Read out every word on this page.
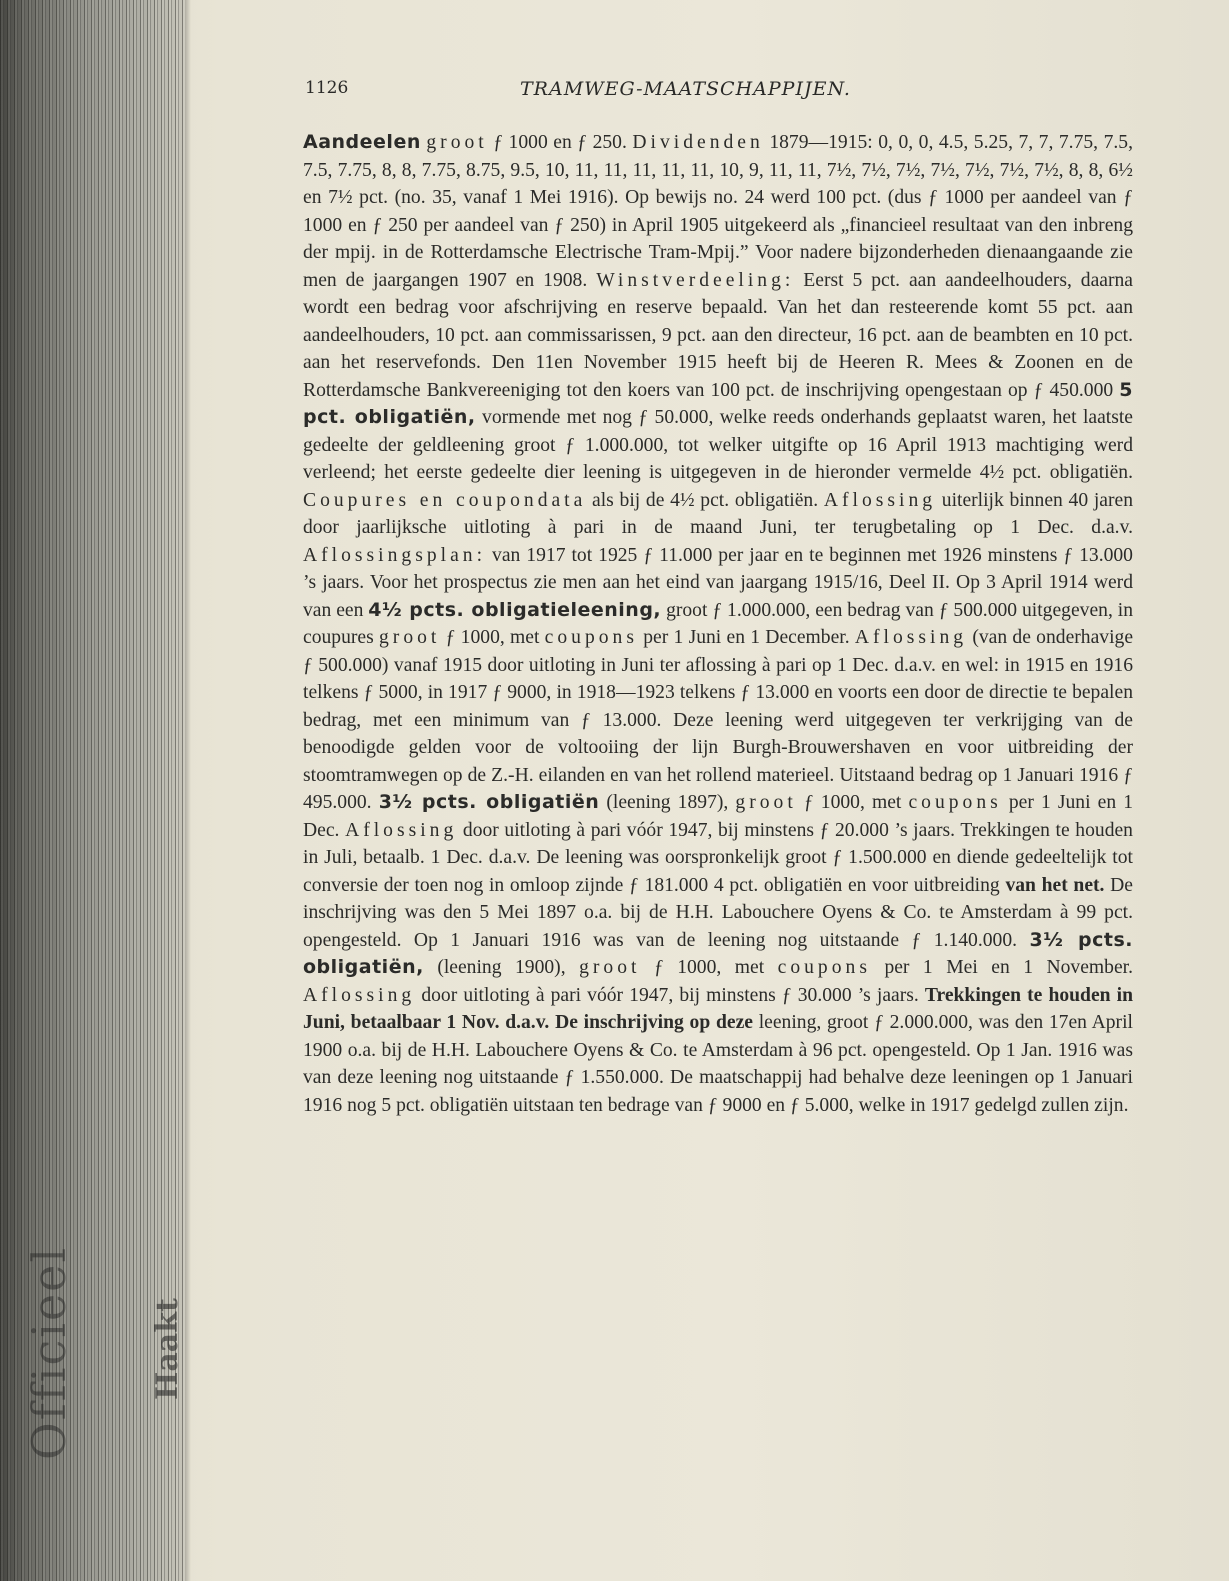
Officieel Haakt
1126	TRAMWEG-MAATSCHAPPIJEN.
Aandeelen groot ƒ 1000 en ƒ 250. Dividenden 1879—1915: 0, 0, 0, 4.5, 5.25, 7, 7, 7.75, 7.5, 7.5, 7.75, 8, 8, 7.75, 8.75, 9.5, 10, 11, 11, 11, 11, 11, 10, 9, 11, 11, 7½, 7½, 7½, 7½, 7½, 7½, 7½, 8, 8, 6½ en 7½ pct. (no. 35, vanaf 1 Mei 1916). Op bewijs no. 24 werd 100 pct. (dus ƒ 1000 per aandeel van ƒ 1000 en ƒ 250 per aandeel van ƒ 250) in April 1905 uitgekeerd als „financieel resultaat van den inbreng der mpij. in de Rotterdamsche Electrische Tram-Mpij.” Voor nadere bijzonderheden dienaangaande zie men de jaargangen 1907 en 1908. Winstverdeeling: Eerst 5 pct. aan aandeelhouders, daarna wordt een bedrag voor afschrijving en reserve bepaald. Van het dan resteerende komt 55 pct. aan aandeelhouders, 10 pct. aan commissarissen, 9 pct. aan den directeur, 16 pct. aan de beambten en 10 pct. aan het reservefonds. Den 11en November 1915 heeft bij de Heeren R. Mees & Zoonen en de Rotterdamsche Bankvereeniging tot den koers van 100 pct. de inschrijving opengestaan op ƒ 450.000 5 pct. obligatiën, vormende met nog ƒ 50.000, welke reeds onderhands geplaatst waren, het laatste gedeelte der geldleening groot ƒ 1.000.000, tot welker uitgifte op 16 April 1913 machtiging werd verleend; het eerste gedeelte dier leening is uitgegeven in de hieronder vermelde 4½ pct. obligatiën. Coupures en coupondata als bij de 4½ pct. obligatiën. Aflossing uiterlijk binnen 40 jaren door jaarlijksche uitloting à pari in de maand Juni, ter terugbetaling op 1 Dec. d.a.v. Aflossingsplan: van 1917 tot 1925 ƒ 11.000 per jaar en te beginnen met 1926 minstens ƒ 13.000 ’s jaars. Voor het prospectus zie men aan het eind van jaargang 1915/16, Deel II. Op 3 April 1914 werd van een 4½ pcts. obligatieleening, groot ƒ 1.000.000, een bedrag van ƒ 500.000 uitgegeven, in coupures groot ƒ 1000, met coupons per 1 Juni en 1 December. Aflossing (van de onderhavige ƒ 500.000) vanaf 1915 door uitloting in Juni ter aflossing à pari op 1 Dec. d.a.v. en wel: in 1915 en 1916 telkens ƒ 5000, in 1917 ƒ 9000, in 1918—1923 telkens ƒ 13.000 en voorts een door de directie te bepalen bedrag, met een minimum van ƒ 13.000. Deze leening werd uitgegeven ter verkrijging van de benoodigde gelden voor de voltooiing der lijn Burgh-Brouwershaven en voor uitbreiding der stoomtramwegen op de Z.-H. eilanden en van het rollend materieel. Uitstaand bedrag op 1 Januari 1916 ƒ 495.000. 3½ pcts. obligatiën (leening 1897), groot ƒ 1000, met coupons per 1 Juni en 1 Dec. Aflossing door uitloting à pari vóór 1947, bij minstens ƒ 20.000 ’s jaars. Trekkingen te houden in Juli, betaalb. 1 Dec. d.a.v. De leening was oorspronkelijk groot ƒ 1.500.000 en diende gedeeltelijk tot conversie der toen nog in omloop zijnde ƒ 181.000 4 pct. obligatiën en voor uitbreiding van het net. De inschrijving was den 5 Mei 1897 o.a. bij de H.H. Labouchere Oyens & Co. te Amsterdam à 99 pct. opengesteld. Op 1 Januari 1916 was van de leening nog uitstaande ƒ 1.140.000. 3½ pcts. obligatiën, (leening 1900), groot ƒ 1000, met coupons per 1 Mei en 1 November. Aflossing door uitloting à pari vóór 1947, bij minstens ƒ 30.000 ’s jaars. Trekkingen te houden in Juni, betaalbaar 1 Nov. d.a.v. De inschrijving op deze leening, groot ƒ 2.000.000, was den 17en April 1900 o.a. bij de H.H. Labouchere Oyens & Co. te Amsterdam à 96 pct. opengesteld. Op 1 Jan. 1916 was van deze leening nog uitstaande ƒ 1.550.000. De maatschappij had behalve deze leeningen op 1 Januari 1916 nog 5 pct. obligatiën uitstaan ten bedrage van ƒ 9000 en ƒ 5.000, welke in 1917 gedelgd zullen zijn.
